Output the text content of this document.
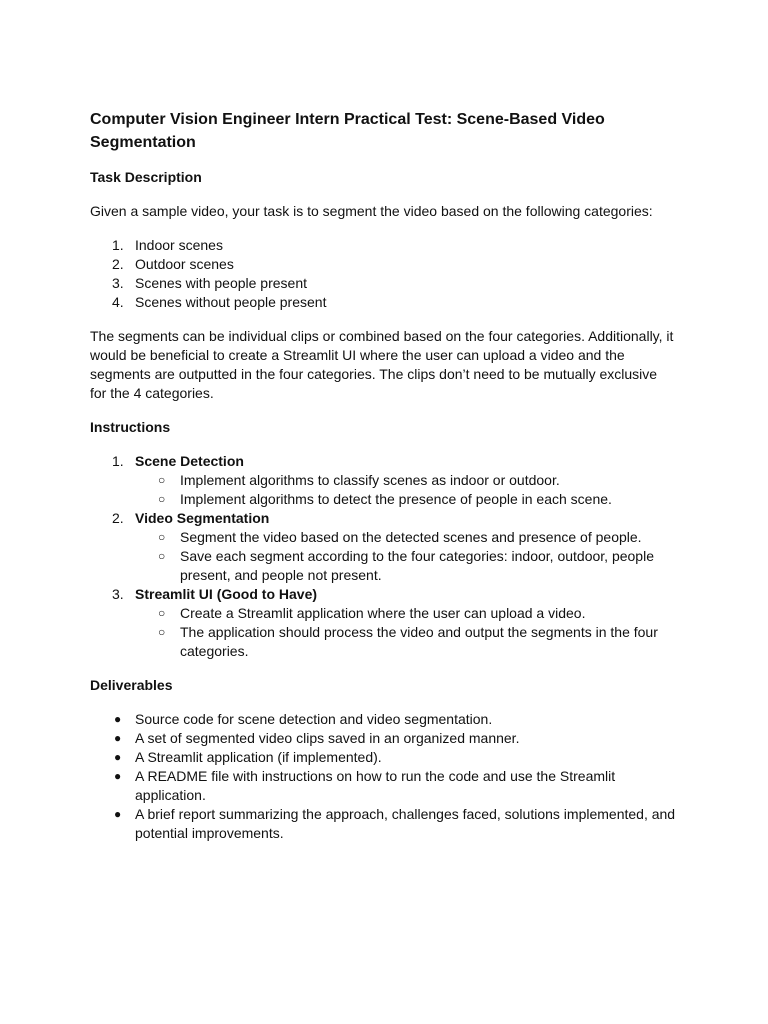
Computer Vision Engineer Intern Practical Test: Scene-Based Video Segmentation
Task Description

Given a sample video, your task is to segment the video based on the following categories:

1. Indoor scenes
2. Outdoor scenes
3. Scenes with people present
4. Scenes without people present

The segments can be individual clips or combined based on the four categories. Additionally, it would be beneficial to create a Streamlit UI where the user can upload a video and the segments are outputted in the four categories. The clips don’t need to be mutually exclusive for the 4 categories.

Instructions
1. Scene Detection
○ Implement algorithms to classify scenes as indoor or outdoor.
○ Implement algorithms to detect the presence of people in each scene.
2. Video Segmentation
○ Segment the video based on the detected scenes and presence of people.
○ Save each segment according to the four categories: indoor, outdoor, people present, and people not present.
3. Streamlit UI (Good to Have)
○ Create a Streamlit application where the user can upload a video.
○ The application should process the video and output the segments in the four categories.
Deliverables
● Source code for scene detection and video segmentation.
● A set of segmented video clips saved in an organized manner.
● A Streamlit application (if implemented).
● A README file with instructions on how to run the code and use the Streamlit application.
● A brief report summarizing the approach, challenges faced, solutions implemented, and potential improvements.
